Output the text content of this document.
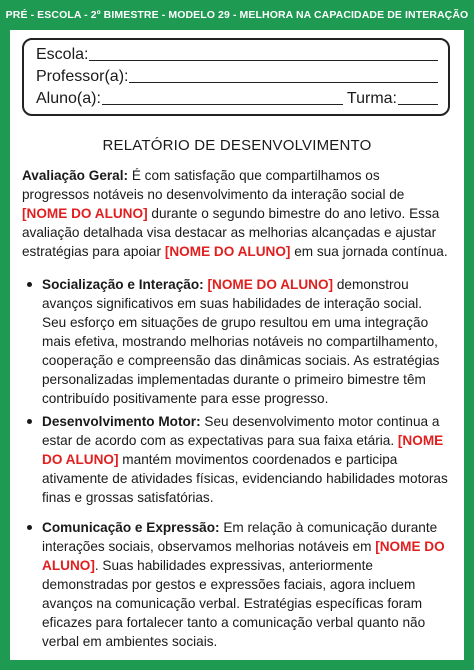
PRÉ - ESCOLA - 2º BIMESTRE - MODELO 29 - MELHORA NA CAPACIDADE DE INTERAÇÃO
Escola:
Professor(a):
Aluno(a):	Turma:
RELATÓRIO DE DESENVOLVIMENTO

Avaliação Geral: É com satisfação que compartilhamos os progressos notáveis no desenvolvimento da interação social de [NOME DO ALUNO] durante o segundo bimestre do ano letivo. Essa avaliação detalhada visa destacar as melhorias alcançadas e ajustar estratégias para apoiar [NOME DO ALUNO] em sua jornada contínua.

Socialização e Interação: [NOME DO ALUNO] demonstrou avanços significativos em suas habilidades de interação social. Seu esforço em situações de grupo resultou em uma integração mais efetiva, mostrando melhorias notáveis no compartilhamento, cooperação e compreensão das dinâmicas sociais. As estratégias personalizadas implementadas durante o primeiro bimestre têm contribuído positivamente para esse progresso.
Desenvolvimento Motor: Seu desenvolvimento motor continua a estar de acordo com as expectativas para sua faixa etária. [NOME DO ALUNO] mantém movimentos coordenados e participa ativamente de atividades físicas, evidenciando habilidades motoras finas e grossas satisfatórias.
Comunicação e Expressão: Em relação à comunicação durante interações sociais, observamos melhorias notáveis em [NOME DO ALUNO]. Suas habilidades expressivas, anteriormente demonstradas por gestos e expressões faciais, agora incluem avanços na comunicação verbal. Estratégias específicas foram eficazes para fortalecer tanto a comunicação verbal quanto não verbal em ambientes sociais.
